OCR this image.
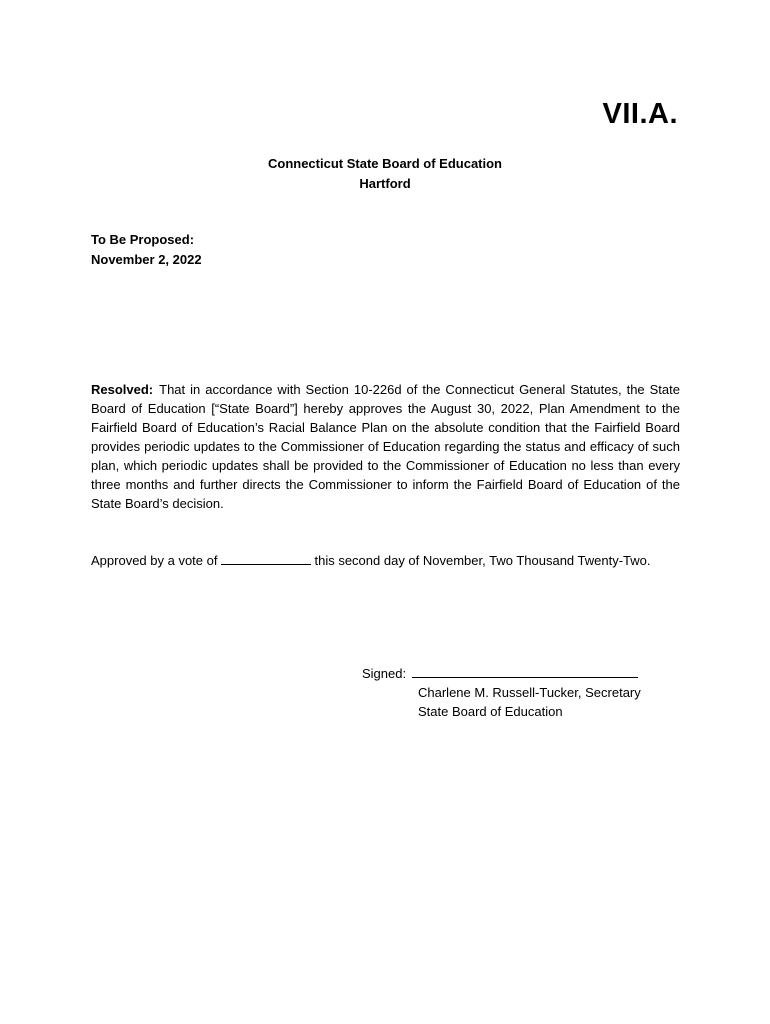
VII.A.
Connecticut State Board of Education
Hartford
To Be Proposed:
November 2, 2022
Resolved: That in accordance with Section 10-226d of the Connecticut General Statutes, the State Board of Education [“State Board”] hereby approves the August 30, 2022, Plan Amendment to the Fairfield Board of Education’s Racial Balance Plan on the absolute condition that the Fairfield Board provides periodic updates to the Commissioner of Education regarding the status and efficacy of such plan, which periodic updates shall be provided to the Commissioner of Education no less than every three months and further directs the Commissioner to inform the Fairfield Board of Education of the State Board’s decision.
Approved by a vote of	this second day of November, Two Thousand Twenty-Two.
Signed:
Charlene M. Russell-Tucker, Secretary
State Board of Education
